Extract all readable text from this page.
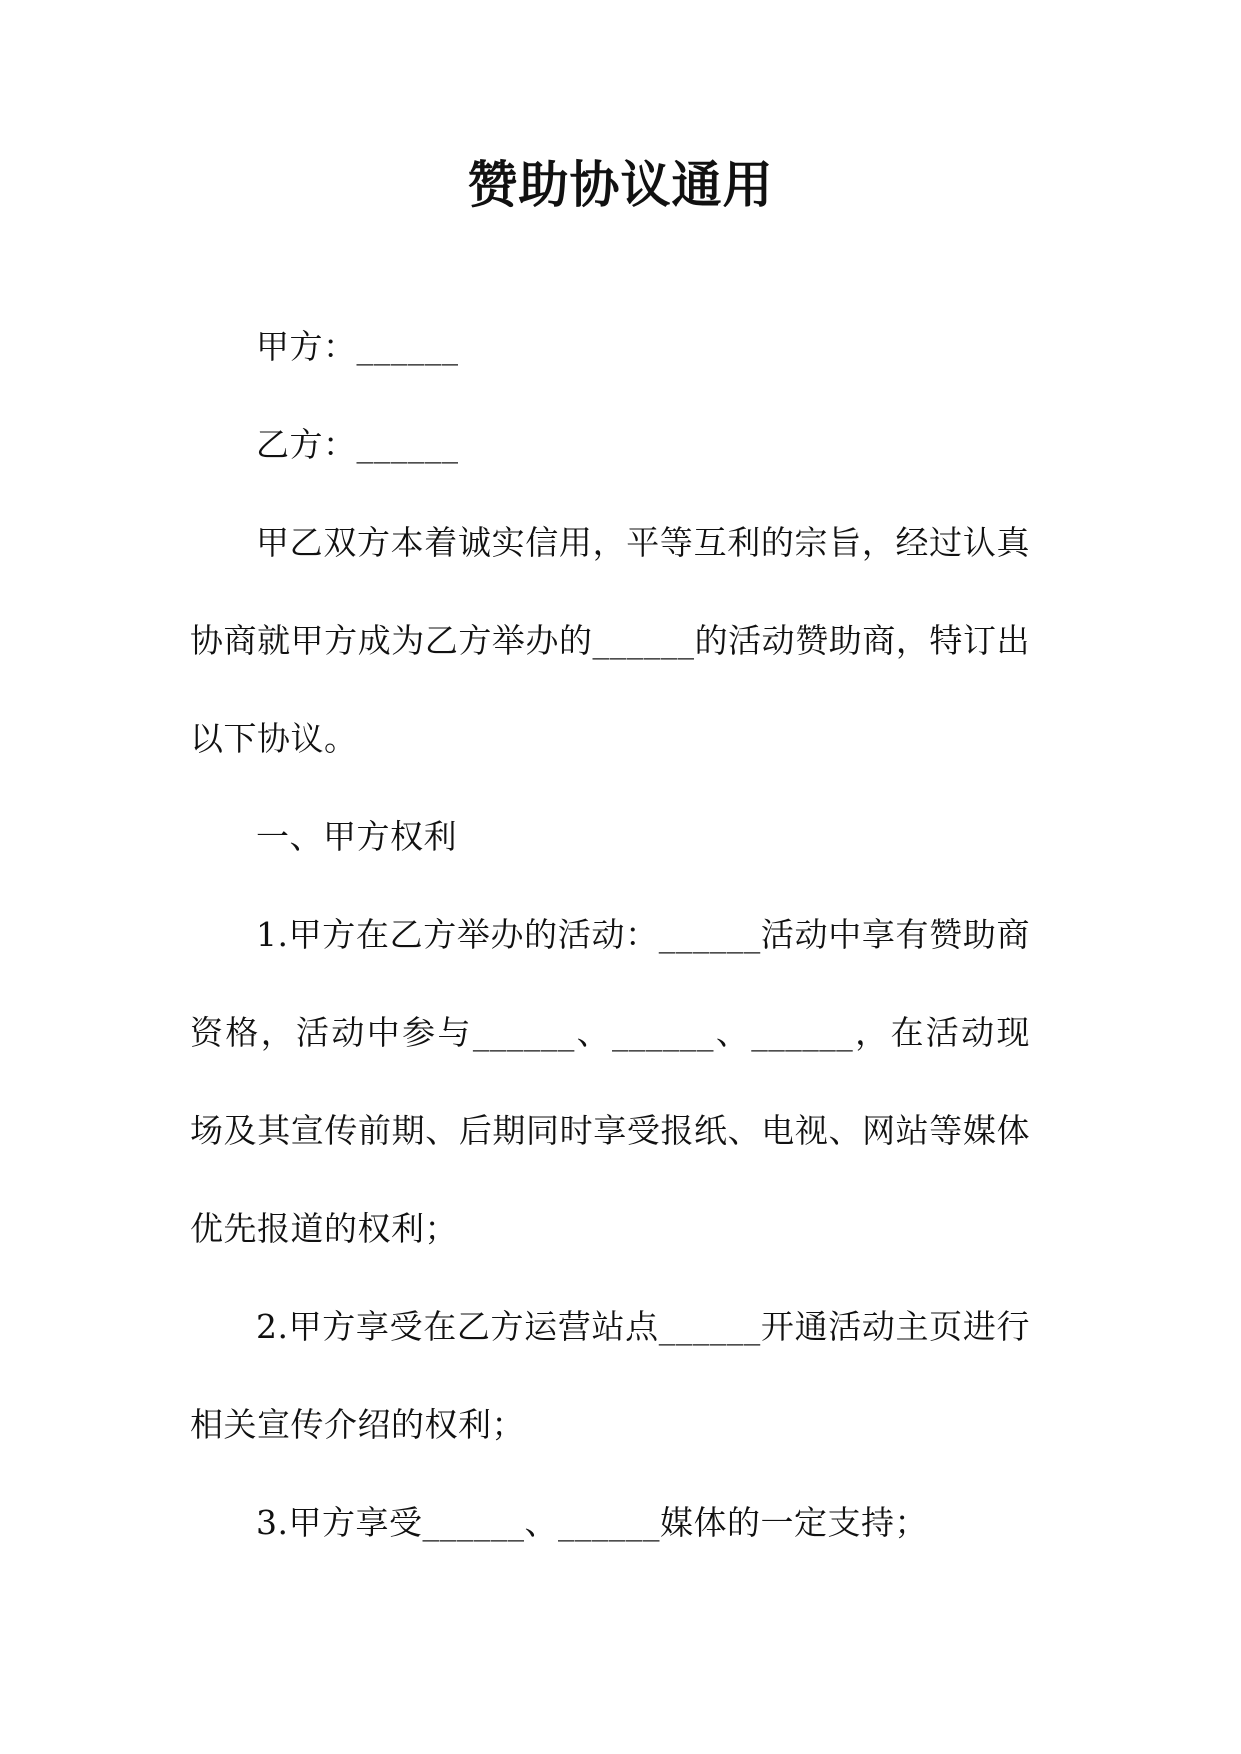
赞助协议通用

甲方：______

乙方：______

甲乙双方本着诚实信用，平等互利的宗旨，经过认真协商就甲方成为乙方举办的______的活动赞助商，特订出以下协议。

一、甲方权利

1.甲方在乙方举办的活动：______活动中享有赞助商资格，活动中参与______、______、______，在活动现场及其宣传前期、后期同时享受报纸、电视、网站等媒体优先报道的权利；

2.甲方享受在乙方运营站点______开通活动主页进行相关宣传介绍的权利；

3.甲方享受______、______媒体的一定支持；
